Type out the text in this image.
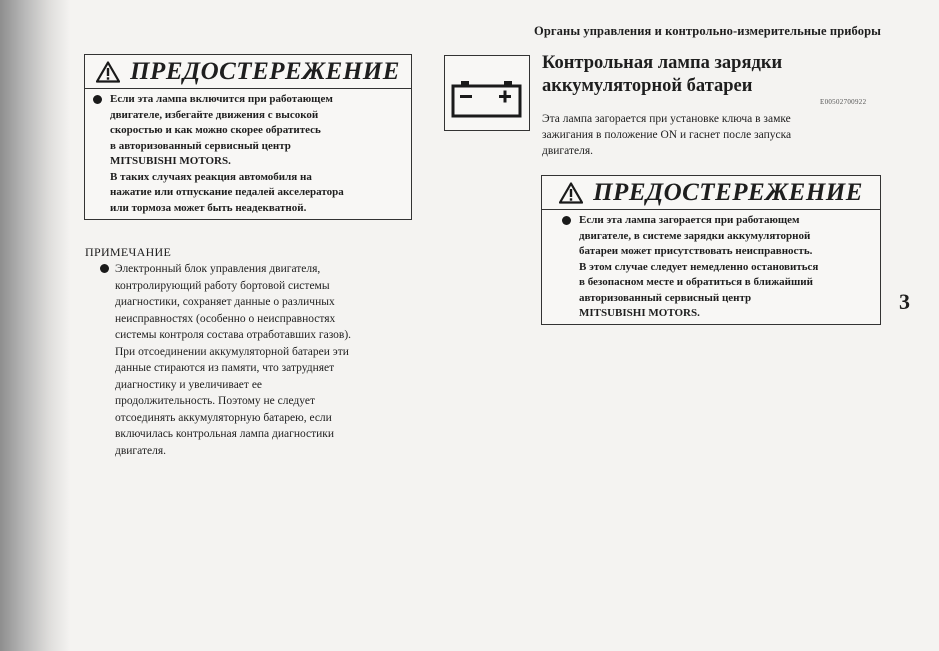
Органы управления и контрольно-измерительные приборы
ПРЕДОСТЕРЕЖЕНИЕ
Если эта лампа включится при работающем
двигателе, избегайте движения с высокой
скоростью и как можно скорее обратитесь
в авторизованный сервисный центр
MITSUBISHI MOTORS.
В таких случаях реакция автомобиля на
нажатие или отпускание педалей акселератора
или тормоза может быть неадекватной.
ПРИМЕЧАНИЕ
Электронный блок управления двигателя,
контролирующий работу бортовой системы
диагностики, сохраняет данные о различных
неисправностях (особенно о неисправностях
системы контроля состава отработавших газов).
При отсоединении аккумуляторной батареи эти
данные стираются из памяти, что затрудняет
диагностику и увеличивает ее
продолжительность. Поэтому не следует
отсоединять аккумуляторную батарею, если
включилась контрольная лампа диагностики
двигателя.
Контрольная лампа зарядки
аккумуляторной батареи
E00502700922
Эта лампа загорается при установке ключа в замке
зажигания в положение ON и гаснет после запуска
двигателя.
ПРЕДОСТЕРЕЖЕНИЕ
Если эта лампа загорается при работающем
двигателе, в системе зарядки аккумуляторной
батареи может присутствовать неисправность.
В этом случае следует немедленно остановиться
в безопасном месте и обратиться в ближайший
авторизованный сервисный центр
MITSUBISHI MOTORS.	3
